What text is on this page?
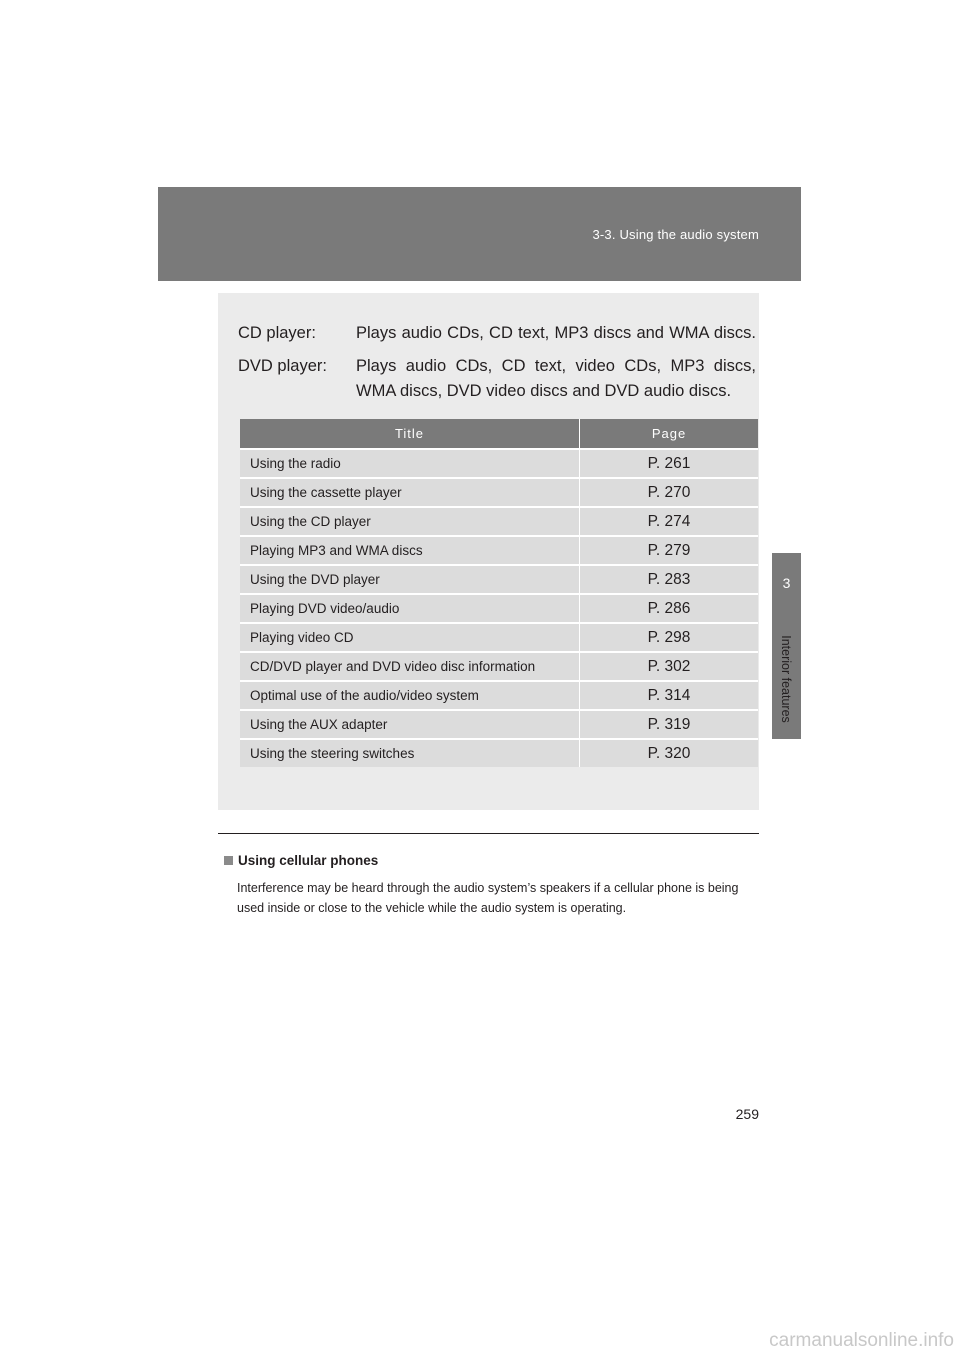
3-3. Using the audio system
3
Interior features
CD player: Plays audio CDs, CD text, MP3 discs and WMA discs.
DVD player: Plays audio CDs, CD text, video CDs, MP3 discs, WMA discs, DVD video discs and DVD audio discs.
Title	Page
Using the radio	P. 261
Using the cassette player	P. 270
Using the CD player	P. 274
Playing MP3 and WMA discs	P. 279
Using the DVD player	P. 283
Playing DVD video/audio	P. 286
Playing video CD	P. 298
CD/DVD player and DVD video disc information	P. 302
Optimal use of the audio/video system	P. 314
Using the AUX adapter	P. 319
Using the steering switches	P. 320
Using cellular phones
Interference may be heard through the audio system’s speakers if a cellular phone is being used inside or close to the vehicle while the audio system is operating.
259
carmanualsonline.info
